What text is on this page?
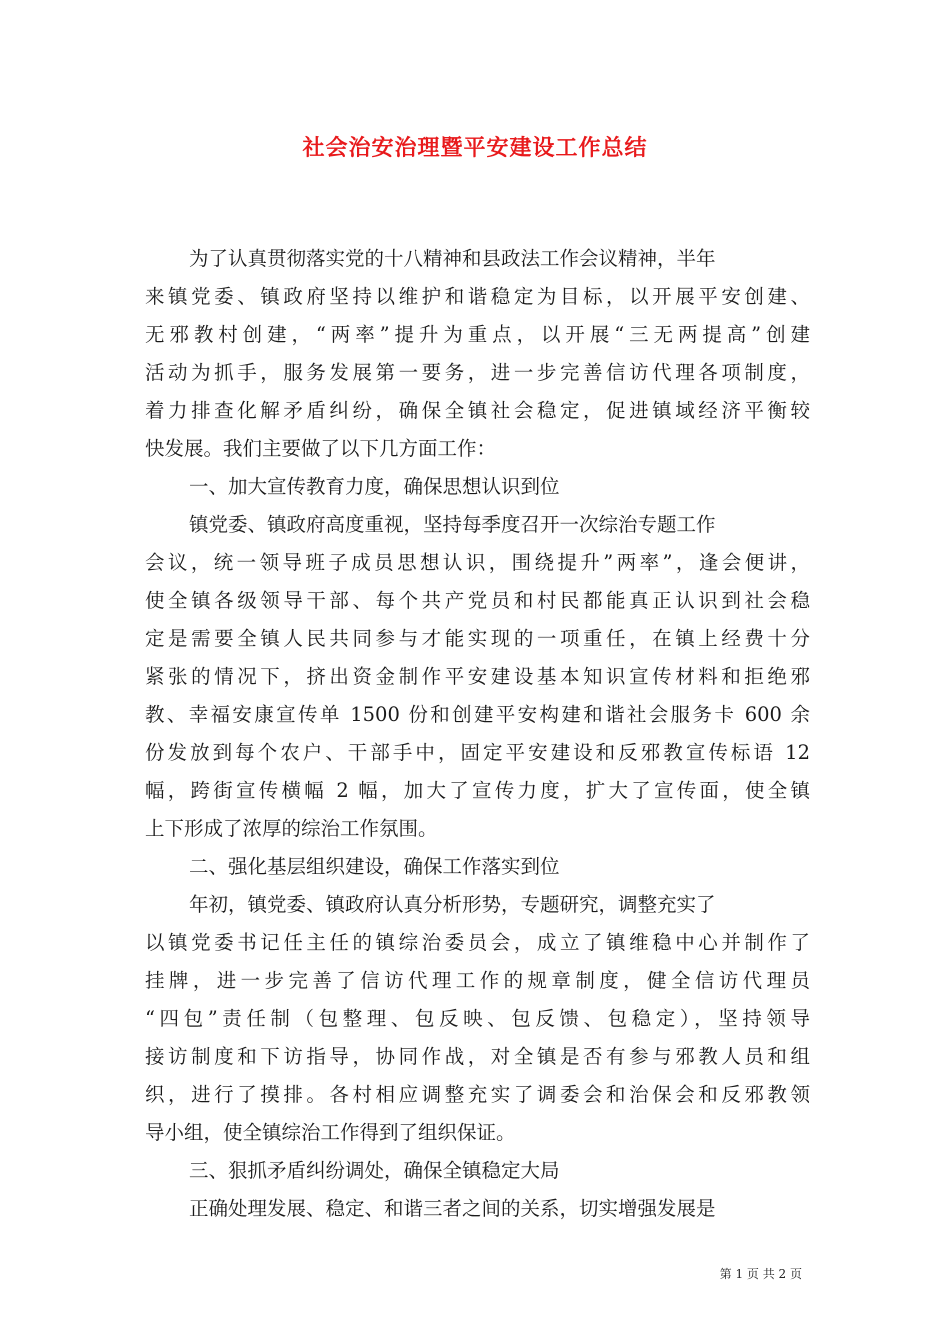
社会治安治理暨平安建设工作总结
为了认真贯彻落实党的十八精神和县政法工作会议精神，半年
来镇党委、镇政府坚持以维护和谐稳定为目标，以开展平安创建、
无邪教村创建，“两率”提升为重点，以开展“三无两提高”创建
活动为抓手，服务发展第一要务，进一步完善信访代理各项制度，
着力排查化解矛盾纠纷，确保全镇社会稳定，促进镇域经济平衡较
快发展。我们主要做了以下几方面工作：
一、加大宣传教育力度，确保思想认识到位
镇党委、镇政府高度重视，坚持每季度召开一次综治专题工作
会议，统一领导班子成员思想认识，围绕提升”两率”，逢会便讲，
使全镇各级领导干部、每个共产党员和村民都能真正认识到社会稳
定是需要全镇人民共同参与才能实现的一项重任，在镇上经费十分
紧张的情况下，挤出资金制作平安建设基本知识宣传材料和拒绝邪
教、幸福安康宣传单 1500 份和创建平安构建和谐社会服务卡 600 余
份发放到每个农户、干部手中，固定平安建设和反邪教宣传标语 12
幅，跨街宣传横幅 2 幅，加大了宣传力度，扩大了宣传面，使全镇
上下形成了浓厚的综治工作氛围。
二、强化基层组织建设，确保工作落实到位
年初，镇党委、镇政府认真分析形势，专题研究，调整充实了
以镇党委书记任主任的镇综治委员会，成立了镇维稳中心并制作了
挂牌，进一步完善了信访代理工作的规章制度，健全信访代理员
“四包”责任制（包整理、包反映、包反馈、包稳定），坚持领导
接访制度和下访指导，协同作战，对全镇是否有参与邪教人员和组
织，进行了摸排。各村相应调整充实了调委会和治保会和反邪教领
导小组，使全镇综治工作得到了组织保证。
三、狠抓矛盾纠纷调处，确保全镇稳定大局
正确处理发展、稳定、和谐三者之间的关系，切实增强发展是
第 1 页 共 2 页
